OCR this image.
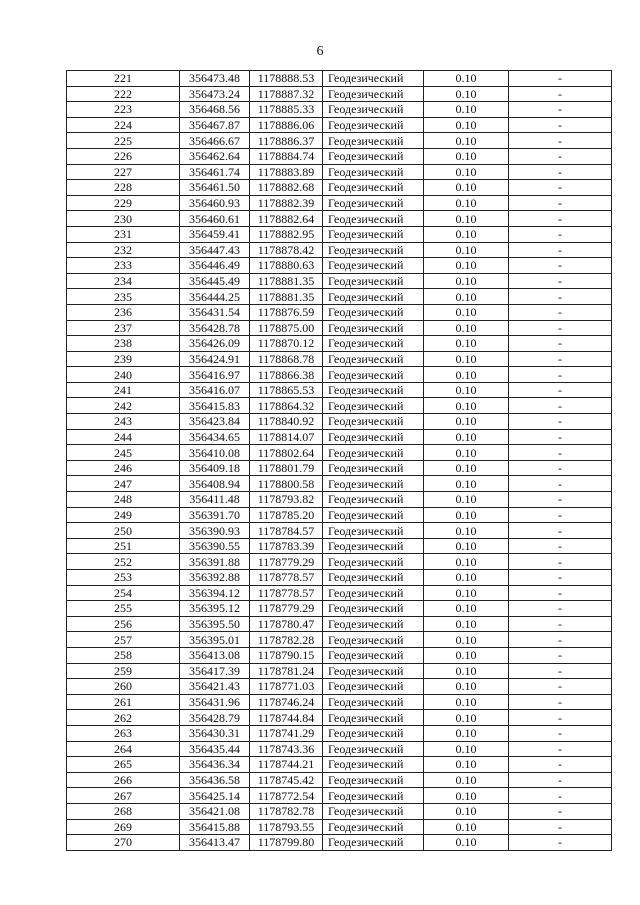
6
221	356473.48	1178888.53	Геодезический	0.10	-
222	356473.24	1178887.32	Геодезический	0.10	-
223	356468.56	1178885.33	Геодезический	0.10	-
224	356467.87	1178886.06	Геодезический	0.10	-
225	356466.67	1178886.37	Геодезический	0.10	-
226	356462.64	1178884.74	Геодезический	0.10	-
227	356461.74	1178883.89	Геодезический	0.10	-
228	356461.50	1178882.68	Геодезический	0.10	-
229	356460.93	1178882.39	Геодезический	0.10	-
230	356460.61	1178882.64	Геодезический	0.10	-
231	356459.41	1178882.95	Геодезический	0.10	-
232	356447.43	1178878.42	Геодезический	0.10	-
233	356446.49	1178880.63	Геодезический	0.10	-
234	356445.49	1178881.35	Геодезический	0.10	-
235	356444.25	1178881.35	Геодезический	0.10	-
236	356431.54	1178876.59	Геодезический	0.10	-
237	356428.78	1178875.00	Геодезический	0.10	-
238	356426.09	1178870.12	Геодезический	0.10	-
239	356424.91	1178868.78	Геодезический	0.10	-
240	356416.97	1178866.38	Геодезический	0.10	-
241	356416.07	1178865.53	Геодезический	0.10	-
242	356415.83	1178864.32	Геодезический	0.10	-
243	356423.84	1178840.92	Геодезический	0.10	-
244	356434.65	1178814.07	Геодезический	0.10	-
245	356410.08	1178802.64	Геодезический	0.10	-
246	356409.18	1178801.79	Геодезический	0.10	-
247	356408.94	1178800.58	Геодезический	0.10	-
248	356411.48	1178793.82	Геодезический	0.10	-
249	356391.70	1178785.20	Геодезический	0.10	-
250	356390.93	1178784.57	Геодезический	0.10	-
251	356390.55	1178783.39	Геодезический	0.10	-
252	356391.88	1178779.29	Геодезический	0.10	-
253	356392.88	1178778.57	Геодезический	0.10	-
254	356394.12	1178778.57	Геодезический	0.10	-
255	356395.12	1178779.29	Геодезический	0.10	-
256	356395.50	1178780.47	Геодезический	0.10	-
257	356395.01	1178782.28	Геодезический	0.10	-
258	356413.08	1178790.15	Геодезический	0.10	-
259	356417.39	1178781.24	Геодезический	0.10	-
260	356421.43	1178771.03	Геодезический	0.10	-
261	356431.96	1178746.24	Геодезический	0.10	-
262	356428.79	1178744.84	Геодезический	0.10	-
263	356430.31	1178741.29	Геодезический	0.10	-
264	356435.44	1178743.36	Геодезический	0.10	-
265	356436.34	1178744.21	Геодезический	0.10	-
266	356436.58	1178745.42	Геодезический	0.10	-
267	356425.14	1178772.54	Геодезический	0.10	-
268	356421.08	1178782.78	Геодезический	0.10	-
269	356415.88	1178793.55	Геодезический	0.10	-
270	356413.47	1178799.80	Геодезический	0.10	-
